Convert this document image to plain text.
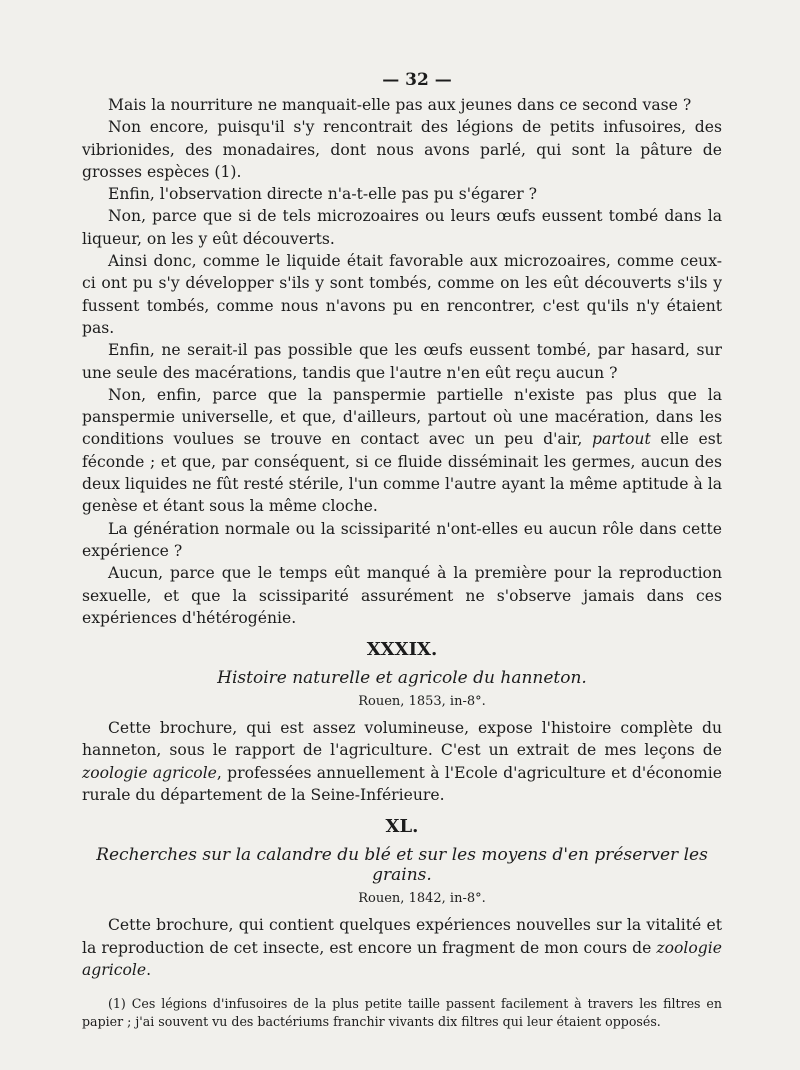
— 32 —

Mais la nourriture ne manquait-elle pas aux jeunes dans ce second vase ?

Non encore, puisqu'il s'y rencontrait des légions de petits infusoires, des vibrionides, des monadaires, dont nous avons parlé, qui sont la pâture de grosses espèces (1).

Enfin, l'observation directe n'a-t-elle pas pu s'égarer ?

Non, parce que si de tels microzoaires ou leurs œufs eussent tombé dans la liqueur, on les y eût découverts.

Ainsi donc, comme le liquide était favorable aux microzoaires, comme ceux-ci ont pu s'y développer s'ils y sont tombés, comme on les eût découverts s'ils y fussent tombés, comme nous n'avons pu en rencontrer, c'est qu'ils n'y étaient pas.

Enfin, ne serait-il pas possible que les œufs eussent tombé, par hasard, sur une seule des macérations, tandis que l'autre n'en eût reçu aucun ?

Non, enfin, parce que la panspermie partielle n'existe pas plus que la panspermie universelle, et que, d'ailleurs, partout où une macération, dans les conditions voulues se trouve en contact avec un peu d'air, partout elle est féconde ; et que, par conséquent, si ce fluide disséminait les germes, aucun des deux liquides ne fût resté stérile, l'un comme l'autre ayant la même aptitude à la genèse et étant sous la même cloche.

La génération normale ou la scissiparité n'ont-elles eu aucun rôle dans cette expérience ?

Aucun, parce que le temps eût manqué à la première pour la reproduction sexuelle, et que la scissiparité assurément ne s'observe jamais dans ces expériences d'hétérogénie.

XXXIX.
Histoire naturelle et agricole du hanneton.
Rouen, 1853, in-8°.

Cette brochure, qui est assez volumineuse, expose l'histoire complète du hanneton, sous le rapport de l'agriculture. C'est un extrait de mes leçons de zoologie agricole, professées annuellement à l'Ecole d'agriculture et d'économie rurale du département de la Seine-Inférieure.

XL.
Recherches sur la calandre du blé et sur les moyens d'en préserver les grains.
Rouen, 1842, in-8°.

Cette brochure, qui contient quelques expériences nouvelles sur la vitalité et la reproduction de cet insecte, est encore un fragment de mon cours de zoologie agricole.

(1) Ces légions d'infusoires de la plus petite taille passent facilement à travers les filtres en papier ; j'ai souvent vu des bactériums franchir vivants dix filtres qui leur étaient opposés.
